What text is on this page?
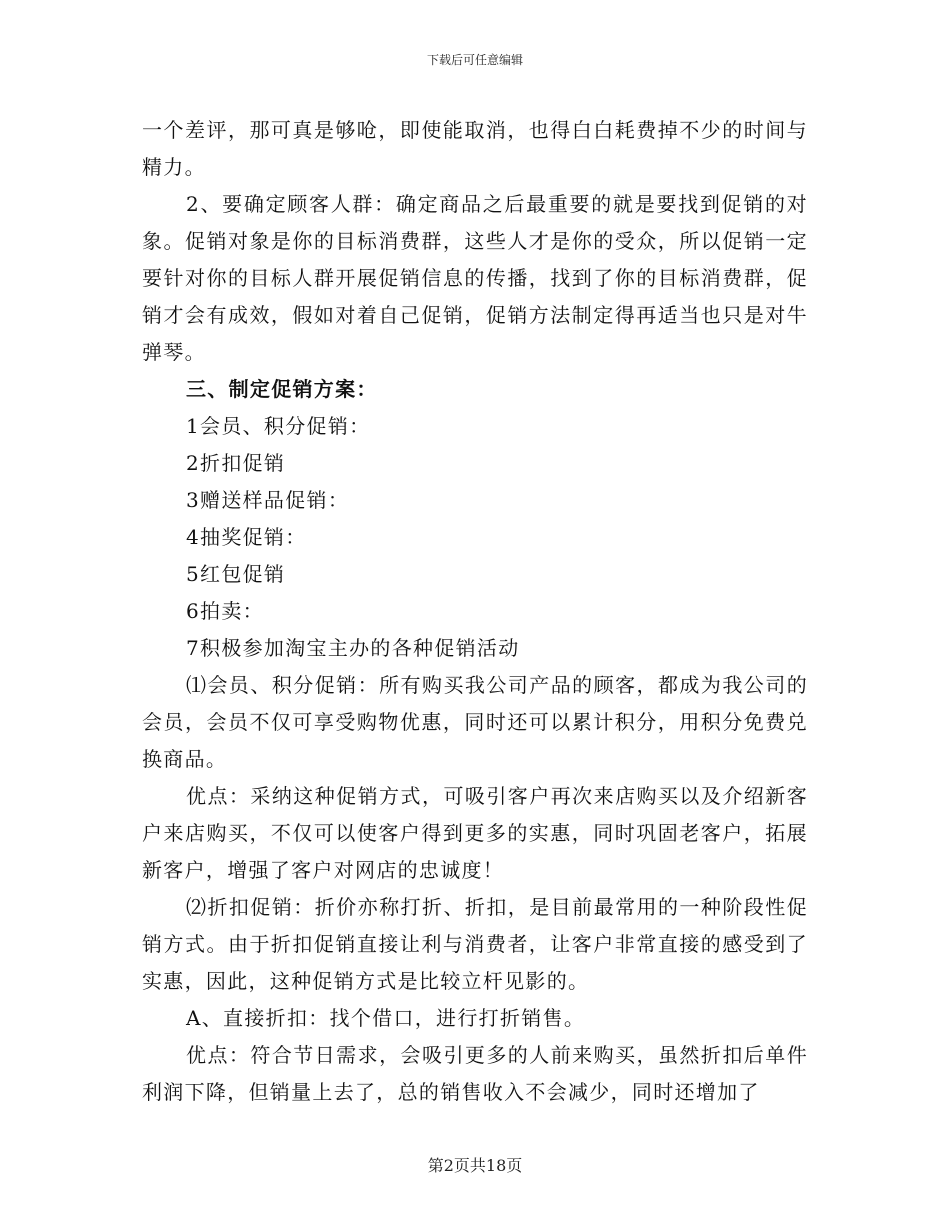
下载后可任意编辑

一个差评，那可真是够呛，即使能取消，也得白白耗费掉不少的时间与精力。

2、要确定顾客人群：确定商品之后最重要的就是要找到促销的对象。促销对象是你的目标消费群，这些人才是你的受众，所以促销一定要针对你的目标人群开展促销信息的传播，找到了你的目标消费群，促销才会有成效，假如对着自己促销，促销方法制定得再适当也只是对牛弹琴。

三、制定促销方案：

1会员、积分促销：

2折扣促销

3赠送样品促销：

4抽奖促销：

5红包促销

6拍卖：

7积极参加淘宝主办的各种促销活动

⑴会员、积分促销：所有购买我公司产品的顾客，都成为我公司的会员，会员不仅可享受购物优惠，同时还可以累计积分，用积分免费兑换商品。

优点：采纳这种促销方式，可吸引客户再次来店购买以及介绍新客户来店购买，不仅可以使客户得到更多的实惠，同时巩固老客户，拓展新客户，增强了客户对网店的忠诚度！

⑵折扣促销：折价亦称打折、折扣，是目前最常用的一种阶段性促销方式。由于折扣促销直接让利与消费者，让客户非常直接的感受到了实惠，因此，这种促销方式是比较立杆见影的。

A、直接折扣：找个借口，进行打折销售。

优点：符合节日需求，会吸引更多的人前来购买，虽然折扣后单件利润下降，但销量上去了，总的销售收入不会减少，同时还增加了

第2页共18页
